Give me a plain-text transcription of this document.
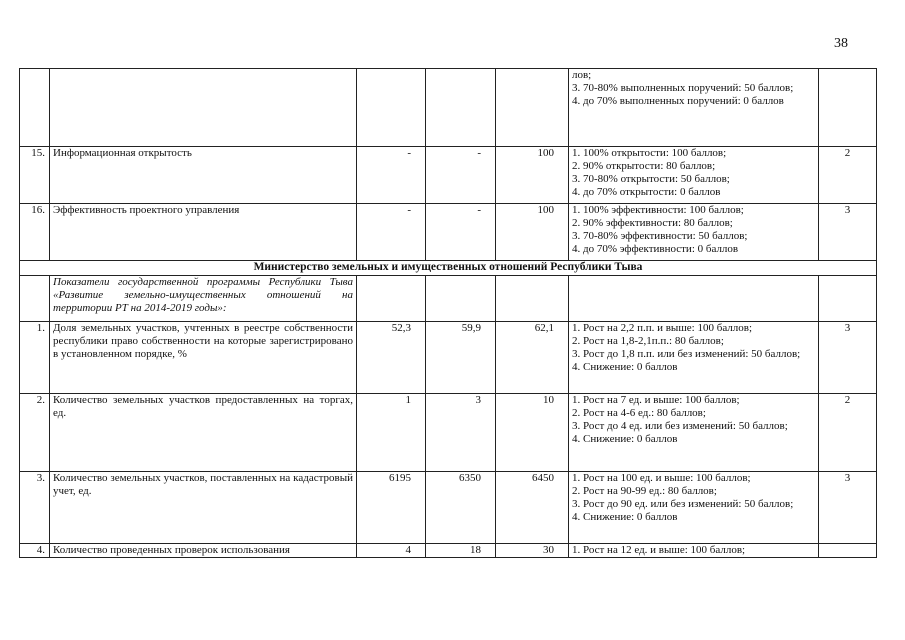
38
					лов;
3. 70-80% выполненных поручений: 50 баллов;
4. до 70% выполненных поручений: 0 баллов	
15.	Информационная открытость	-	-	100	1. 100% открытости: 100 баллов;
2. 90% открытости: 80 баллов;
3. 70-80% открытости: 50 баллов;
4. до 70% открытости: 0 баллов	2
16.	Эффективность проектного управления	-	-	100	1. 100% эффективности: 100 баллов;
2. 90% эффективности: 80 баллов;
3. 70-80% эффективности: 50 баллов;
4. до 70% эффективности: 0 баллов	3
Министерство земельных и имущественных отношений Республики Тыва						
	Показатели государственной программы Республики Тыва «Развитие земельно-имущественных отношений на территории РТ на 2014-2019 годы»:					
1.	Доля земельных участков, учтенных в реестре собственности республики право собственности на которые зарегистрировано в установленном порядке, %	52,3	59,9	62,1	1. Рост на 2,2 п.п. и выше: 100 баллов;
2. Рост на 1,8-2,1п.п.: 80 баллов;
3. Рост до 1,8 п.п. или без изменений: 50 баллов;
4. Снижение: 0 баллов	3
2.	Количество земельных участков предоставленных на торгах, ед.	1	3	10	1. Рост на 7 ед. и выше: 100 баллов;
2. Рост на 4-6 ед.: 80 баллов;
3. Рост до 4 ед. или без изменений: 50 баллов;
4. Снижение: 0 баллов	2
3.	Количество земельных участков, поставленных на кадастровый учет, ед.	6195	6350	6450	1. Рост на 100 ед. и выше: 100 баллов;
2. Рост на 90-99 ед.: 80 баллов;
3. Рост до 90 ед. или без изменений: 50 баллов;
4. Снижение: 0 баллов	3
4.	Количество проведенных проверок использования	4	18	30	1. Рост на 12 ед. и выше: 100 баллов;	
